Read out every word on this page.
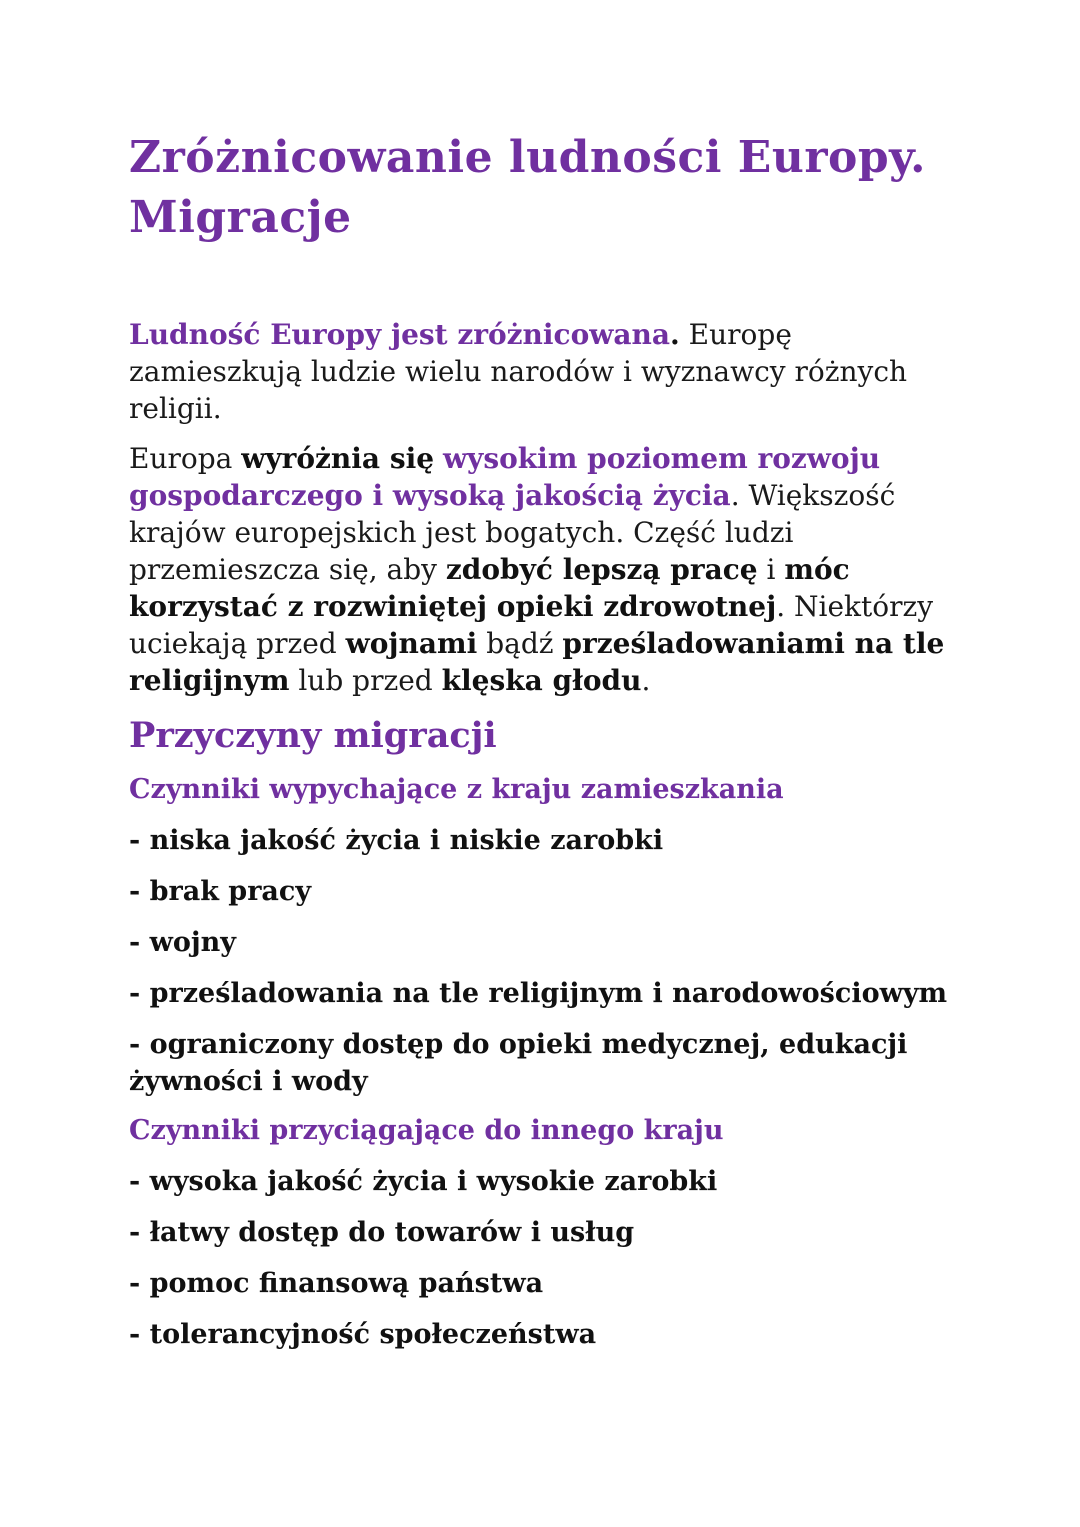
Zróżnicowanie ludności Europy.
Migracje

Ludność Europy jest zróżnicowana. Europę zamieszkują ludzie wielu narodów i wyznawcy różnych religii.

Europa wyróżnia się wysokim poziomem rozwoju gospodarczego i wysoką jakością życia. Większość krajów europejskich jest bogatych. Część ludzi przemieszcza się, aby zdobyć lepszą pracę i móc korzystać z rozwiniętej opieki zdrowotnej. Niektórzy uciekają przed wojnami bądź prześladowaniami na tle religijnym lub przed klęska głodu.

Przyczyny migracji
Czynniki wypychające z kraju zamieszkania
- niska jakość życia i niskie zarobki
- brak pracy
- wojny
- prześladowania na tle religijnym i narodowościowym
- ograniczony dostęp do opieki medycznej, edukacji żywności i wody
Czynniki przyciągające do innego kraju
- wysoka jakość życia i wysokie zarobki
- łatwy dostęp do towarów i usług
- pomoc finansową państwa
- tolerancyjność społeczeństwa
